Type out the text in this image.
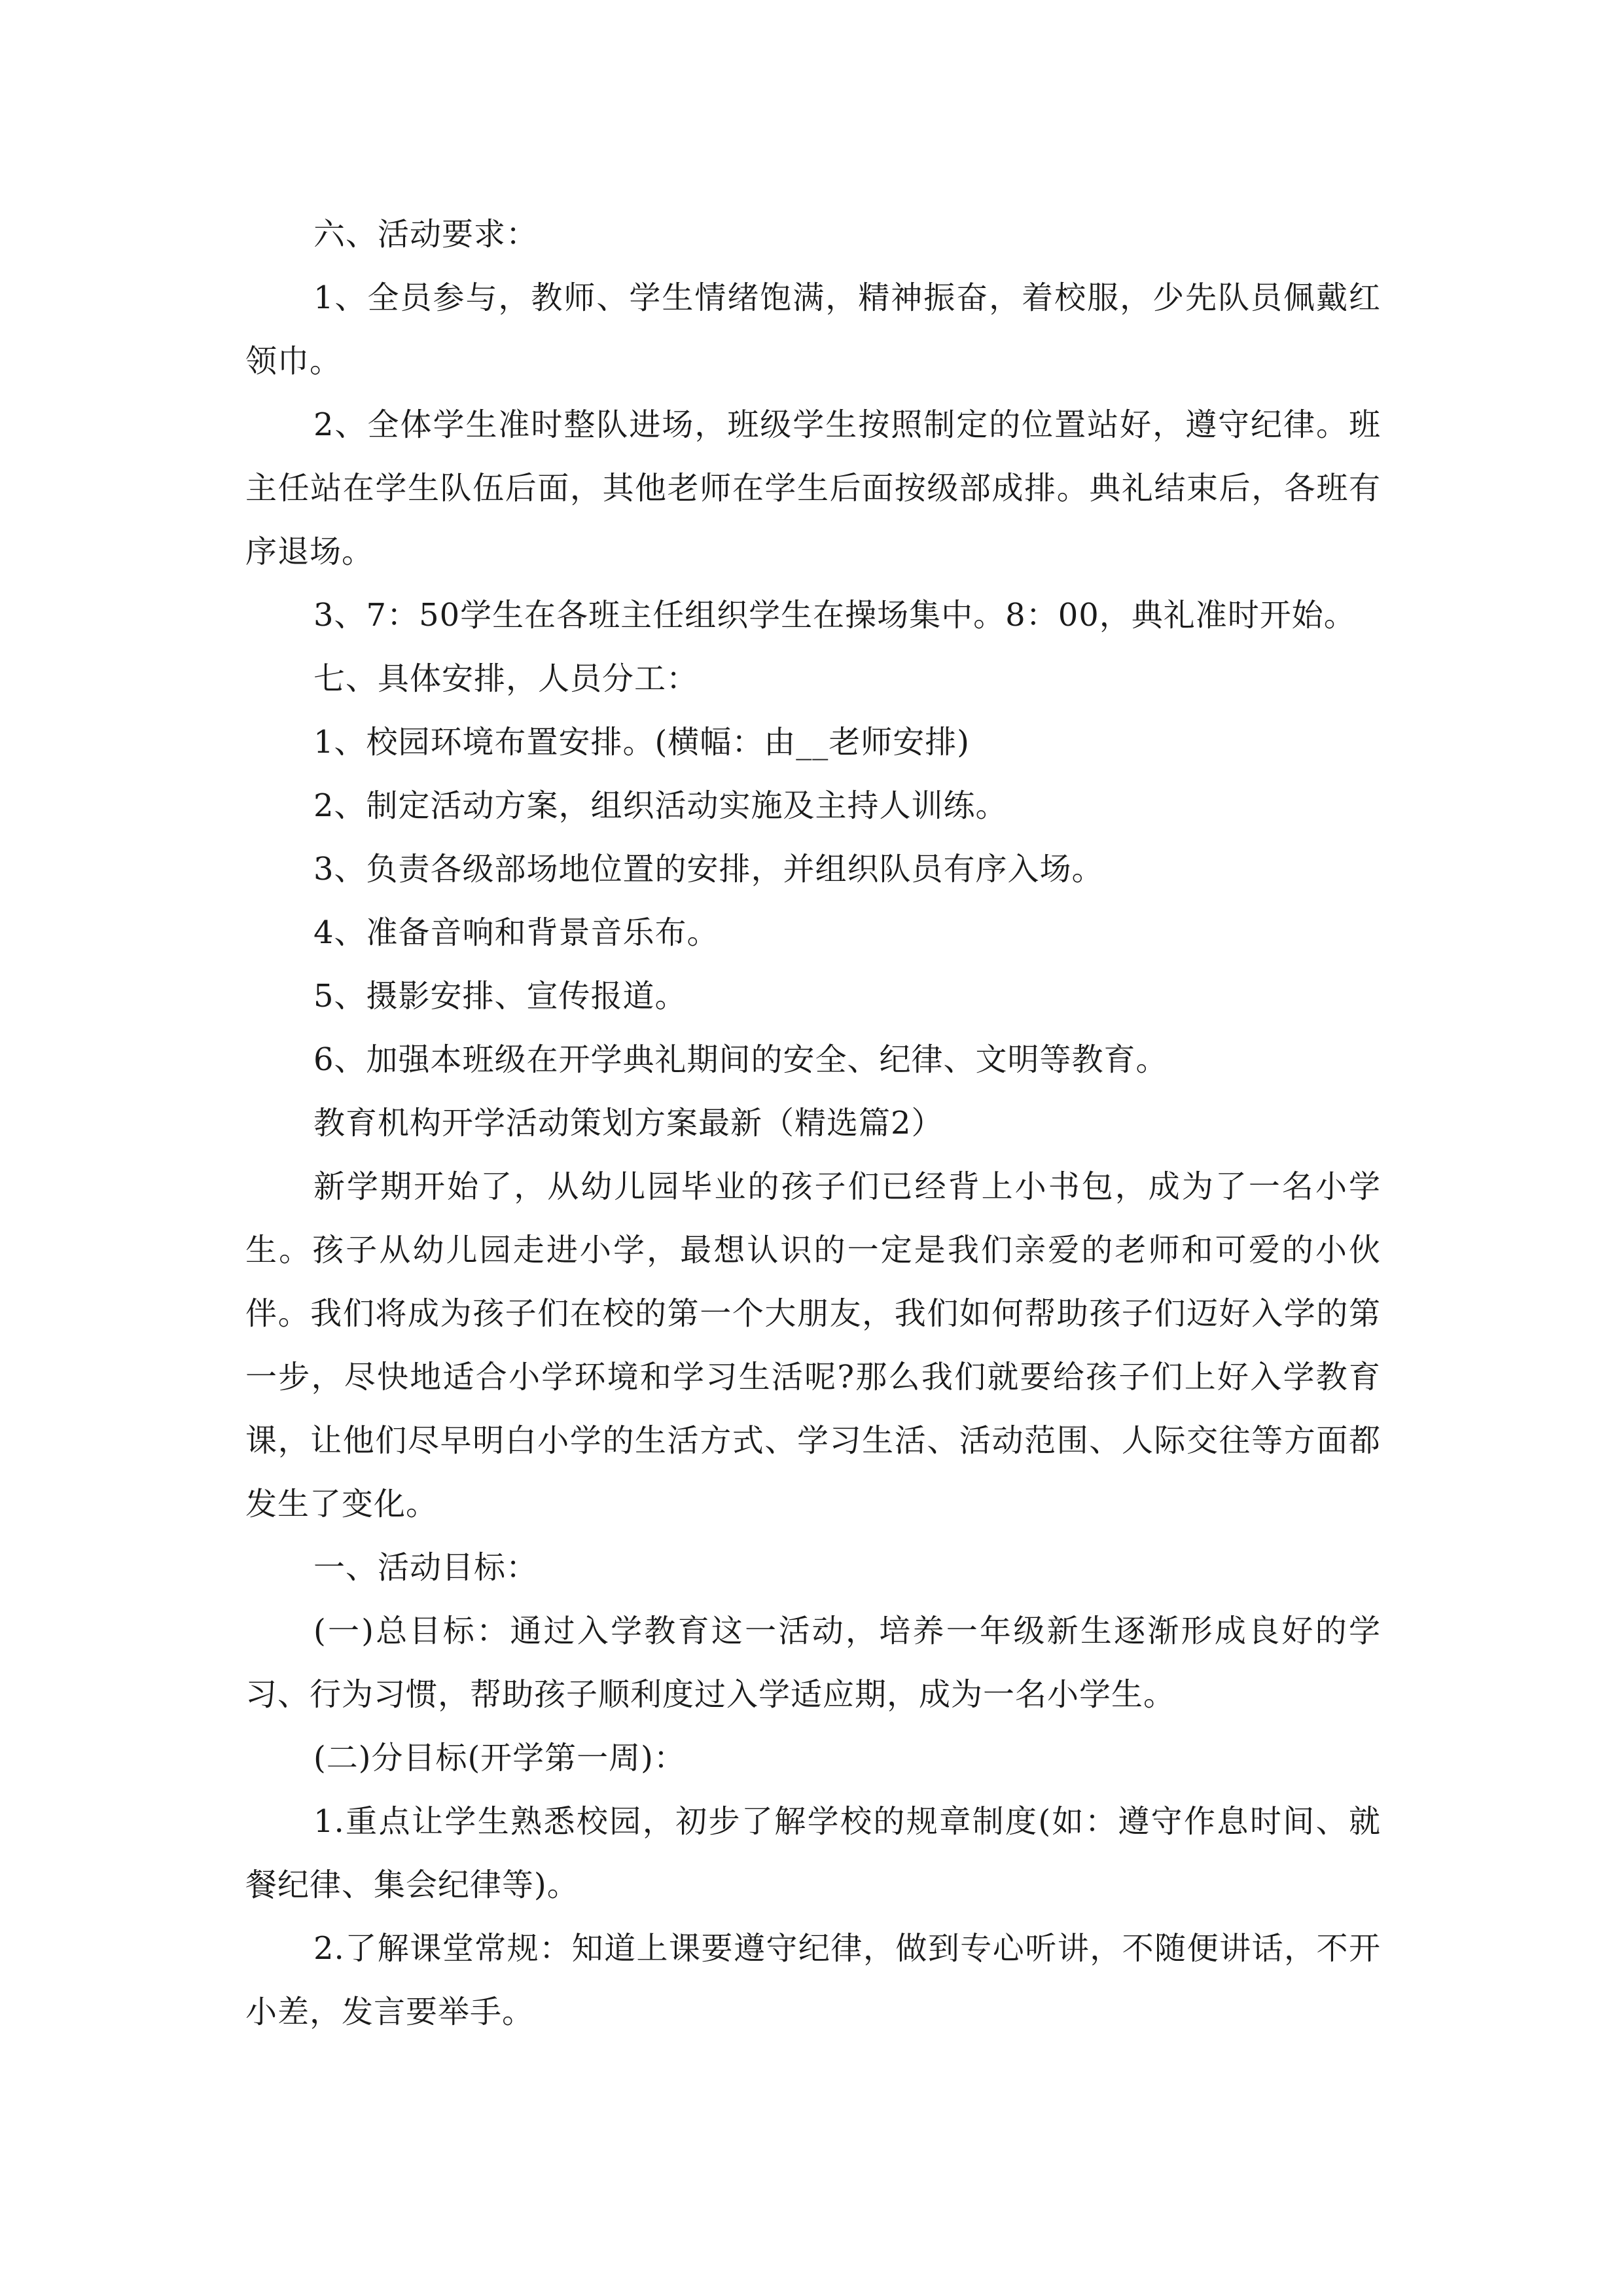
六、活动要求：

1、全员参与，教师、学生情绪饱满，精神振奋，着校服，少先队员佩戴红领巾。

2、全体学生准时整队进场，班级学生按照制定的位置站好，遵守纪律。班主任站在学生队伍后面，其他老师在学生后面按级部成排。典礼结束后，各班有序退场。

3、7：50学生在各班主任组织学生在操场集中。8：00，典礼准时开始。

七、具体安排，人员分工：

1、校园环境布置安排。(横幅：由__老师安排)

2、制定活动方案，组织活动实施及主持人训练。

3、负责各级部场地位置的安排，并组织队员有序入场。

4、准备音响和背景音乐布。

5、摄影安排、宣传报道。

6、加强本班级在开学典礼期间的安全、纪律、文明等教育。

教育机构开学活动策划方案最新（精选篇2）

新学期开始了，从幼儿园毕业的孩子们已经背上小书包，成为了一名小学生。孩子从幼儿园走进小学，最想认识的一定是我们亲爱的老师和可爱的小伙伴。我们将成为孩子们在校的第一个大朋友，我们如何帮助孩子们迈好入学的第一步，尽快地适合小学环境和学习生活呢?那么我们就要给孩子们上好入学教育课，让他们尽早明白小学的生活方式、学习生活、活动范围、人际交往等方面都发生了变化。

一、活动目标：

(一)总目标：通过入学教育这一活动，培养一年级新生逐渐形成良好的学习、行为习惯，帮助孩子顺利度过入学适应期，成为一名小学生。

(二)分目标(开学第一周)：

1.重点让学生熟悉校园，初步了解学校的规章制度(如：遵守作息时间、就餐纪律、集会纪律等)。

2.了解课堂常规：知道上课要遵守纪律，做到专心听讲，不随便讲话，不开小差，发言要举手。
